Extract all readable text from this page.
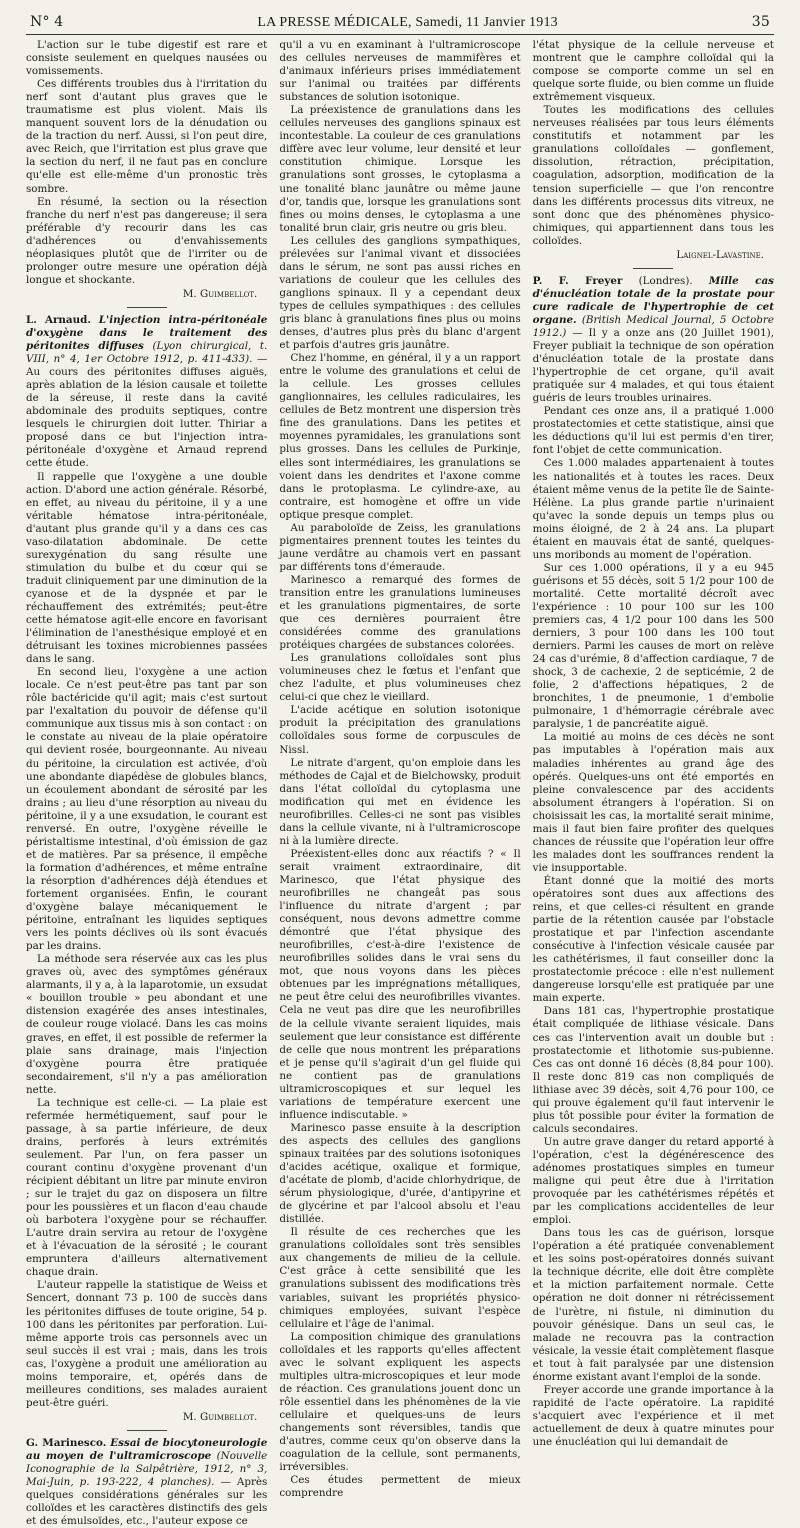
N° 4	LA PRESSE MÉDICALE, Samedi, 11 Janvier 1913	35

L'action sur le tube digestif est rare et consiste seulement en quelques nausées ou vomissements.

Ces différents troubles dus à l'irritation du nerf sont d'autant plus graves que le traumatisme est plus violent. Mais ils manquent souvent lors de la dénudation ou de la traction du nerf. Aussi, si l'on peut dire, avec Reich, que l'irritation est plus grave que la section du nerf, il ne faut pas en conclure qu'elle est elle-même d'un pronostic très sombre.

En résumé, la section ou la résection franche du nerf n'est pas dangereuse; il sera préférable d'y recourir dans les cas d'adhérences ou d'envahissements néoplasiques plutôt que de l'irriter ou de prolonger outre mesure une opération déjà longue et shockante.

M. Guimbellot.

L. Arnaud. L'injection intra-péritonéale d'oxygène dans le traitement des péritonites diffuses (Lyon chirurgical, t. VIII, n° 4, 1er Octobre 1912, p. 411-433). — Au cours des péritonites diffuses aiguës, après ablation de la lésion causale et toilette de la séreuse, il reste dans la cavité abdominale des produits septiques, contre lesquels le chirurgien doit lutter. Thiriar a proposé dans ce but l'injection intra-péritonéale d'oxygène et Arnaud reprend cette étude.

Il rappelle que l'oxygène a une double action. D'abord une action générale. Résorbé, en effet, au niveau du péritoine, il y a une véritable hématose intra-péritonéale, d'autant plus grande qu'il y a dans ces cas vaso-dilatation abdominale. De cette surexygénation du sang résulte une stimulation du bulbe et du cœur qui se traduit cliniquement par une diminution de la cyanose et de la dyspnée et par le réchauffement des extrémités; peut-être cette hématose agit-elle encore en favorisant l'élimination de l'anesthésique employé et en détruisant les toxines microbiennes passées dans le sang.

En second lieu, l'oxygène a une action locale. Ce n'est peut-être pas tant par son rôle bactéricide qu'il agit; mais c'est surtout par l'exaltation du pouvoir de défense qu'il communique aux tissus mis à son contact : on le constate au niveau de la plaie opératoire qui devient rosée, bourgeonnante. Au niveau du péritoine, la circulation est activée, d'où une abondante diapédèse de globules blancs, un écoulement abondant de sérosité par les drains ; au lieu d'une résorption au niveau du péritoine, il y a une exsudation, le courant est renversé. En outre, l'oxygène réveille le péristaltisme intestinal, d'où émission de gaz et de matières. Par sa présence, il empêche la formation d'adhérences, et même entraîne la résorption d'adhérences déjà étendues et fortement organisées. Enfin, le courant d'oxygène balaye mécaniquement le péritoine, entraînant les liquides septiques vers les points déclives où ils sont évacués par les drains.

La méthode sera réservée aux cas les plus graves où, avec des symptômes généraux alarmants, il y a, à la laparotomie, un exsudat « bouillon trouble » peu abondant et une distension exagérée des anses intestinales, de couleur rouge violacé. Dans les cas moins graves, en effet, il est possible de refermer la plaie sans drainage, mais l'injection d'oxygène pourra être pratiquée secondairement, s'il n'y a pas amélioration nette.

La technique est celle-ci. — La plaie est refermée hermétiquement, sauf pour le passage, à sa partie inférieure, de deux drains, perforés à leurs extrémités seulement. Par l'un, on fera passer un courant continu d'oxygène provenant d'un récipient débitant un litre par minute environ ; sur le trajet du gaz on disposera un filtre pour les poussières et un flacon d'eau chaude où barbotera l'oxygène pour se réchauffer. L'autre drain servira au retour de l'oxygène et à l'évacuation de la sérosité ; le courant empruntera d'ailleurs alternativement chaque drain.

L'auteur rappelle la statistique de Weiss et Sencert, donnant 73 p. 100 de succès dans les péritonites diffuses de toute origine, 54 p. 100 dans les péritonites par perforation. Lui-même apporte trois cas personnels avec un seul succès il est vrai ; mais, dans les trois cas, l'oxygène a produit une amélioration au moins temporaire, et, opérés dans de meilleures conditions, ses malades auraient peut-être guéri.

M. Guimbellot.

G. Marinesco. Essai de biocytoneurologie au moyen de l'ultramicroscope (Nouvelle Iconographie de la Salpêtrière, 1912, n° 3, Mai-Juin, p. 193-222, 4 planches). — Après quelques considérations générales sur les colloïdes et les caractères distinctifs des gels et des émulsoïdes, etc., l'auteur expose ce

qu'il a vu en examinant à l'ultramicroscope des cellules nerveuses de mammifères et d'animaux inférieurs prises immédiatement sur l'animal ou traitées par différents substances de solution isotonique.

La préexistence de granulations dans les cellules nerveuses des ganglions spinaux est incontestable. La couleur de ces granulations diffère avec leur volume, leur densité et leur constitution chimique. Lorsque les granulations sont grosses, le cytoplasma a une tonalité blanc jaunâtre ou même jaune d'or, tandis que, lorsque les granulations sont fines ou moins denses, le cytoplasma a une tonalité brun clair, gris neutre ou gris bleu.

Les cellules des ganglions sympathiques, prélevées sur l'animal vivant et dissociées dans le sérum, ne sont pas aussi riches en variations de couleur que les cellules des ganglions spinaux. Il y a cependant deux types de cellules sympathiques : des cellules gris blanc à granulations fines plus ou moins denses, d'autres plus près du blanc d'argent et parfois d'autres gris jaunâtre.

Chez l'homme, en général, il y a un rapport entre le volume des granulations et celui de la cellule. Les grosses cellules ganglionnaires, les cellules radiculaires, les cellules de Betz montrent une dispersion très fine des granulations. Dans les petites et moyennes pyramidales, les granulations sont plus grosses. Dans les cellules de Purkinje, elles sont intermédiaires, les granulations se voient dans les dendrites et l'axone comme dans le protoplasma. Le cylindre-axe, au contraire, est homogène et offre un vide optique presque complet.

Au paraboloïde de Zeiss, les granulations pigmentaires prennent toutes les teintes du jaune verdâtre au chamois vert en passant par différents tons d'émeraude.

Marinesco a remarqué des formes de transition entre les granulations lumineuses et les granulations pigmentaires, de sorte que ces dernières pourraient être considérées comme des granulations protéiques chargées de substances colorées.

Les granulations colloïdales sont plus volumineuses chez le fœtus et l'enfant que chez l'adulte, et plus volumineuses chez celui-ci que chez le vieillard.

L'acide acétique en solution isotonique produit la précipitation des granulations colloïdales sous forme de corpuscules de Nissl.

Le nitrate d'argent, qu'on emploie dans les méthodes de Cajal et de Bielchowsky, produit dans l'état colloïdal du cytoplasma une modification qui met en évidence les neurofibrilles. Celles-ci ne sont pas visibles dans la cellule vivante, ni à l'ultramicroscope ni à la lumière directe.

Préexistent-elles donc aux réactifs ? « Il serait vraiment extraordinaire, dit Marinesco, que l'état physique des neurofibrilles ne changeât pas sous l'influence du nitrate d'argent ; par conséquent, nous devons admettre comme démontré que l'état physique des neurofibrilles, c'est-à-dire l'existence de neurofibrilles solides dans le vrai sens du mot, que nous voyons dans les pièces obtenues par les imprégnations métalliques, ne peut être celui des neurofibrilles vivantes. Cela ne veut pas dire que les neurofibrilles de la cellule vivante seraient liquides, mais seulement que leur consistance est différente de celle que nous montrent les préparations et je pense qu'il s'agirait d'un gel fluide qui ne contient pas de granulations ultramicroscopiques et sur lequel les variations de température exercent une influence indiscutable. »

Marinesco passe ensuite à la description des aspects des cellules des ganglions spinaux traitées par des solutions isotoniques d'acides acétique, oxalique et formique, d'acétate de plomb, d'acide chlorhydrique, de sérum physiologique, d'urée, d'antipyrine et de glycérine et par l'alcool absolu et l'eau distillée.

Il résulte de ces recherches que les granulations colloïdales sont très sensibles aux changements de milieu de la cellule. C'est grâce à cette sensibilité que les granulations subissent des modifications très variables, suivant les propriétés physico-chimiques employées, suivant l'espèce cellulaire et l'âge de l'animal.

La composition chimique des granulations colloïdales et les rapports qu'elles affectent avec le solvant expliquent les aspects multiples ultra-microscopiques et leur mode de réaction. Ces granulations jouent donc un rôle essentiel dans les phénomènes de la vie cellulaire et quelques-uns de leurs changements sont réversibles, tandis que d'autres, comme ceux qu'on observe dans la coagulation de la cellule, sont permanents, irréversibles.

Ces études permettent de mieux comprendre

l'état physique de la cellule nerveuse et montrent que le camphre colloïdal qui la compose se comporte comme un sel en quelque sorte fluide, ou bien comme un fluide extrêmement visqueux.

Toutes les modifications des cellules nerveuses réalisées par tous leurs éléments constitutifs et notamment par les granulations colloïdales — gonflement, dissolution, rétraction, précipitation, coagulation, adsorption, modification de la tension superficielle — que l'on rencontre dans les différents processus dits vitreux, ne sont donc que des phénomènes physico-chimiques, qui appartiennent dans tous les colloïdes.

Laignel-Lavastine.

P. F. Freyer (Londres). Mille cas d'énucléation totale de la prostate pour cure radicale de l'hypertrophie de cet organe. (British Medical Journal, 5 Octobre 1912.) — Il y a onze ans (20 Juillet 1901), Freyer publiait la technique de son opération d'énucléation totale de la prostate dans l'hypertrophie de cet organe, qu'il avait pratiquée sur 4 malades, et qui tous étaient guéris de leurs troubles urinaires.

Pendant ces onze ans, il a pratiqué 1.000 prostatectomies et cette statistique, ainsi que les déductions qu'il lui est permis d'en tirer, font l'objet de cette communication.

Ces 1.000 malades appartenaient à toutes les nationalités et à toutes les races. Deux étaient même venus de la petite île de Sainte-Hélène. La plus grande partie n'urinaient qu'avec la sonde depuis un temps plus ou moins éloigné, de 2 à 24 ans. La plupart étaient en mauvais état de santé, quelques-uns moribonds au moment de l'opération.

Sur ces 1.000 opérations, il y a eu 945 guérisons et 55 décès, soit 5 1/2 pour 100 de mortalité. Cette mortalité décroît avec l'expérience : 10 pour 100 sur les 100 premiers cas, 4 1/2 pour 100 dans les 500 derniers, 3 pour 100 dans les 100 tout derniers. Parmi les causes de mort on relève 24 cas d'urémie, 8 d'affection cardiaque, 7 de shock, 3 de cachexie, 2 de septicémie, 2 de folie, 2 d'affections hépatiques, 2 de bronchites, 1 de pneumonie, 1 d'embolie pulmonaire, 1 d'hémorragie cérébrale avec paralysie, 1 de pancréatite aiguë.

La moitié au moins de ces décès ne sont pas imputables à l'opération mais aux maladies inhérentes au grand âge des opérés. Quelques-uns ont été emportés en pleine convalescence par des accidents absolument étrangers à l'opération. Si on choisissait les cas, la mortalité serait minime, mais il faut bien faire profiter des quelques chances de réussite que l'opération leur offre les malades dont les souffrances rendent la vie insupportable.

Étant donné que la moitié des morts opératoires sont dues aux affections des reins, et que celles-ci résultent en grande partie de la rétention causée par l'obstacle prostatique et par l'infection ascendante consécutive à l'infection vésicale causée par les cathétérismes, il faut conseiller donc la prostatectomie précoce : elle n'est nullement dangereuse lorsqu'elle est pratiquée par une main experte.

Dans 181 cas, l'hypertrophie prostatique était compliquée de lithiase vésicale. Dans ces cas l'intervention avait un double but : prostatectomie et lithotomie sus-pubienne. Ces cas ont donné 16 décès (8,84 pour 100). Il reste donc 819 cas non compliqués de lithiase avec 39 décès, soit 4,76 pour 100, ce qui prouve également qu'il faut intervenir le plus tôt possible pour éviter la formation de calculs secondaires.

Un autre grave danger du retard apporté à l'opération, c'est la dégénérescence des adénomes prostatiques simples en tumeur maligne qui peut être due à l'irritation provoquée par les cathétérismes répétés et par les complications accidentelles de leur emploi.

Dans tous les cas de guérison, lorsque l'opération a été pratiquée convenablement et les soins post-opératoires donnés suivant la technique décrite, elle doit être complète et la miction parfaitement normale. Cette opération ne doit donner ni rétrécissement de l'urètre, ni fistule, ni diminution du pouvoir génésique. Dans un seul cas, le malade ne recouvra pas la contraction vésicale, la vessie était complètement flasque et tout à fait paralysée par une distension énorme existant avant l'emploi de la sonde.

Freyer accorde une grande importance à la rapidité de l'acte opératoire. La rapidité s'acquiert avec l'expérience et il met actuellement de deux à quatre minutes pour une énucléation qui lui demandait de
